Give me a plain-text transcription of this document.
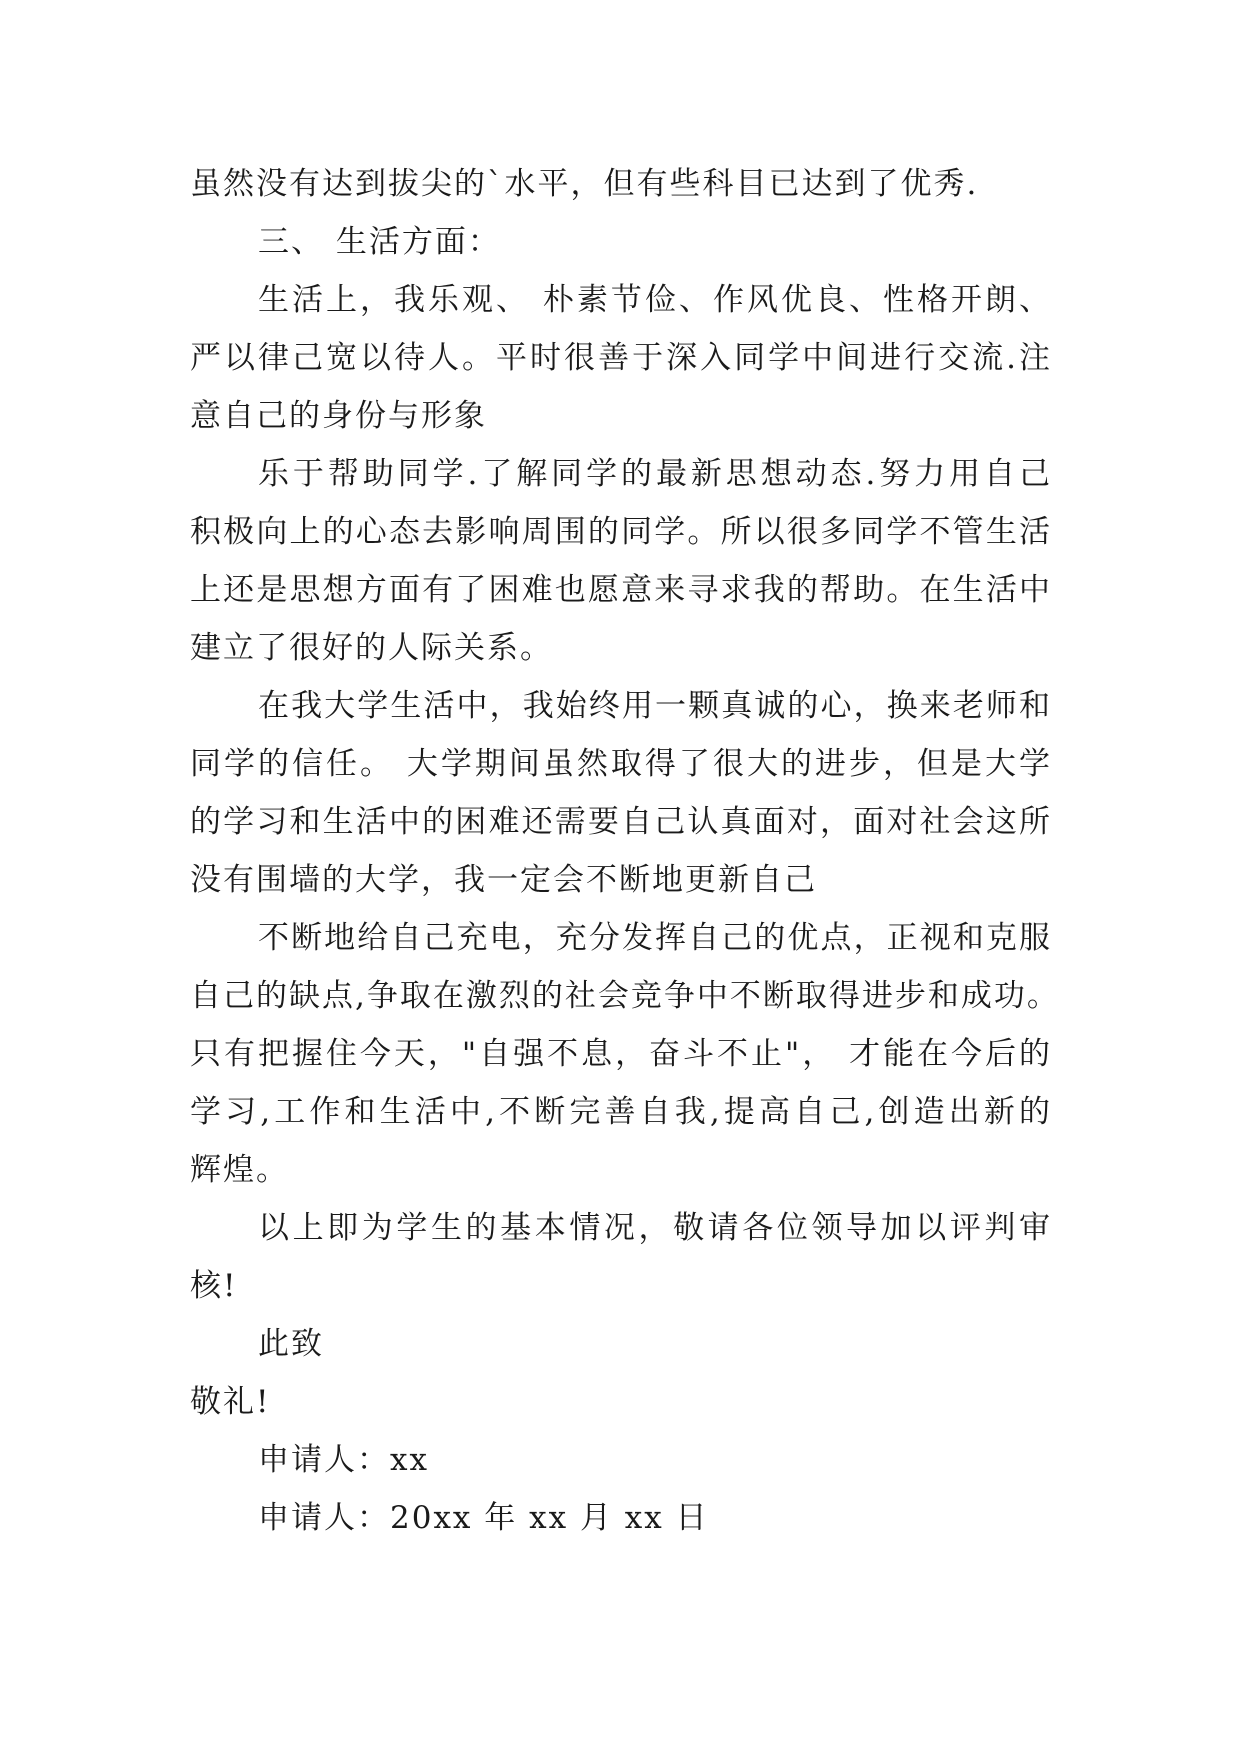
虽然没有达到拔尖的`水平，但有些科目已达到了优秀.
三、 生活方面：
生活上，我乐观、 朴素节俭、作风优良、性格开朗、
严以律己宽以待人。平时很善于深入同学中间进行交流.注
意自己的身份与形象
乐于帮助同学.了解同学的最新思想动态.努力用自己
积极向上的心态去影响周围的同学。所以很多同学不管生活
上还是思想方面有了困难也愿意来寻求我的帮助。在生活中
建立了很好的人际关系。
在我大学生活中，我始终用一颗真诚的心，换来老师和
同学的信任。 大学期间虽然取得了很大的进步，但是大学
的学习和生活中的困难还需要自己认真面对，面对社会这所
没有围墙的大学，我一定会不断地更新自己
不断地给自己充电，充分发挥自己的优点，正视和克服
自己的缺点,争取在激烈的社会竞争中不断取得进步和成功。
只有把握住今天，"自强不息，奋斗不止"， 才能在今后的
学习,工作和生活中,不断完善自我,提高自己,创造出新的
辉煌。
以上即为学生的基本情况，敬请各位领导加以评判审
核!
此致
敬礼!
申请人：xx
申请人：20xx 年 xx 月 xx 日
